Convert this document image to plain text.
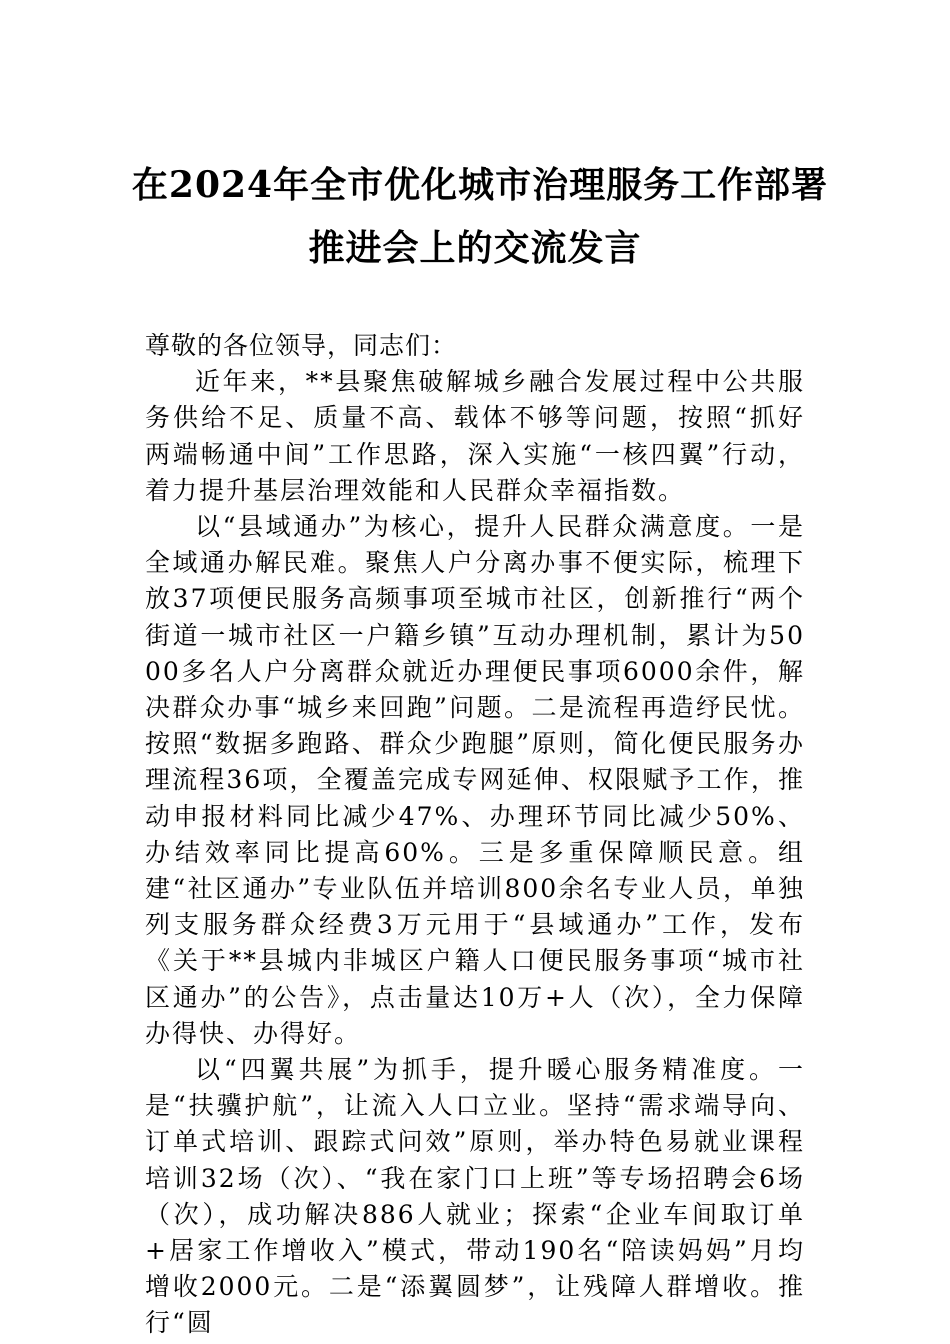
在2024年全市优化城市治理服务工作部署
推进会上的交流发言

尊敬的各位领导，同志们：

近年来，**县聚焦破解城乡融合发展过程中公共服务供给不足、质量不高、载体不够等问题，按照“抓好两端畅通中间”工作思路，深入实施“一核四翼”行动，着力提升基层治理效能和人民群众幸福指数。

以“县域通办”为核心，提升人民群众满意度。一是全域通办解民难。聚焦人户分离办事不便实际，梳理下放37项便民服务高频事项至城市社区，创新推行“两个街道一城市社区一户籍乡镇”互动办理机制，累计为5000多名人户分离群众就近办理便民事项6000余件，解决群众办事“城乡来回跑”问题。二是流程再造纾民忧。按照“数据多跑路、群众少跑腿”原则，简化便民服务办理流程36项，全覆盖完成专网延伸、权限赋予工作，推动申报材料同比减少47%、办理环节同比减少50%、办结效率同比提高60%。三是多重保障顺民意。组建“社区通办”专业队伍并培训800余名专业人员，单独列支服务群众经费3万元用于“县域通办”工作，发布《关于**县城内非城区户籍人口便民服务事项“城市社区通办”的公告》，点击量达10万+人（次），全力保障办得快、办得好。

以“四翼共展”为抓手，提升暖心服务精准度。一是“扶骥护航”，让流入人口立业。坚持“需求端导向、订单式培训、跟踪式问效”原则，举办特色易就业课程培训32场（次）、“我在家门口上班”等专场招聘会6场（次），成功解决886人就业；探索“企业车间取订单+居家工作增收入”模式，带动190名“陪读妈妈”月均增收2000元。二是“添翼圆梦”，让残障人群增收。推行“圆
